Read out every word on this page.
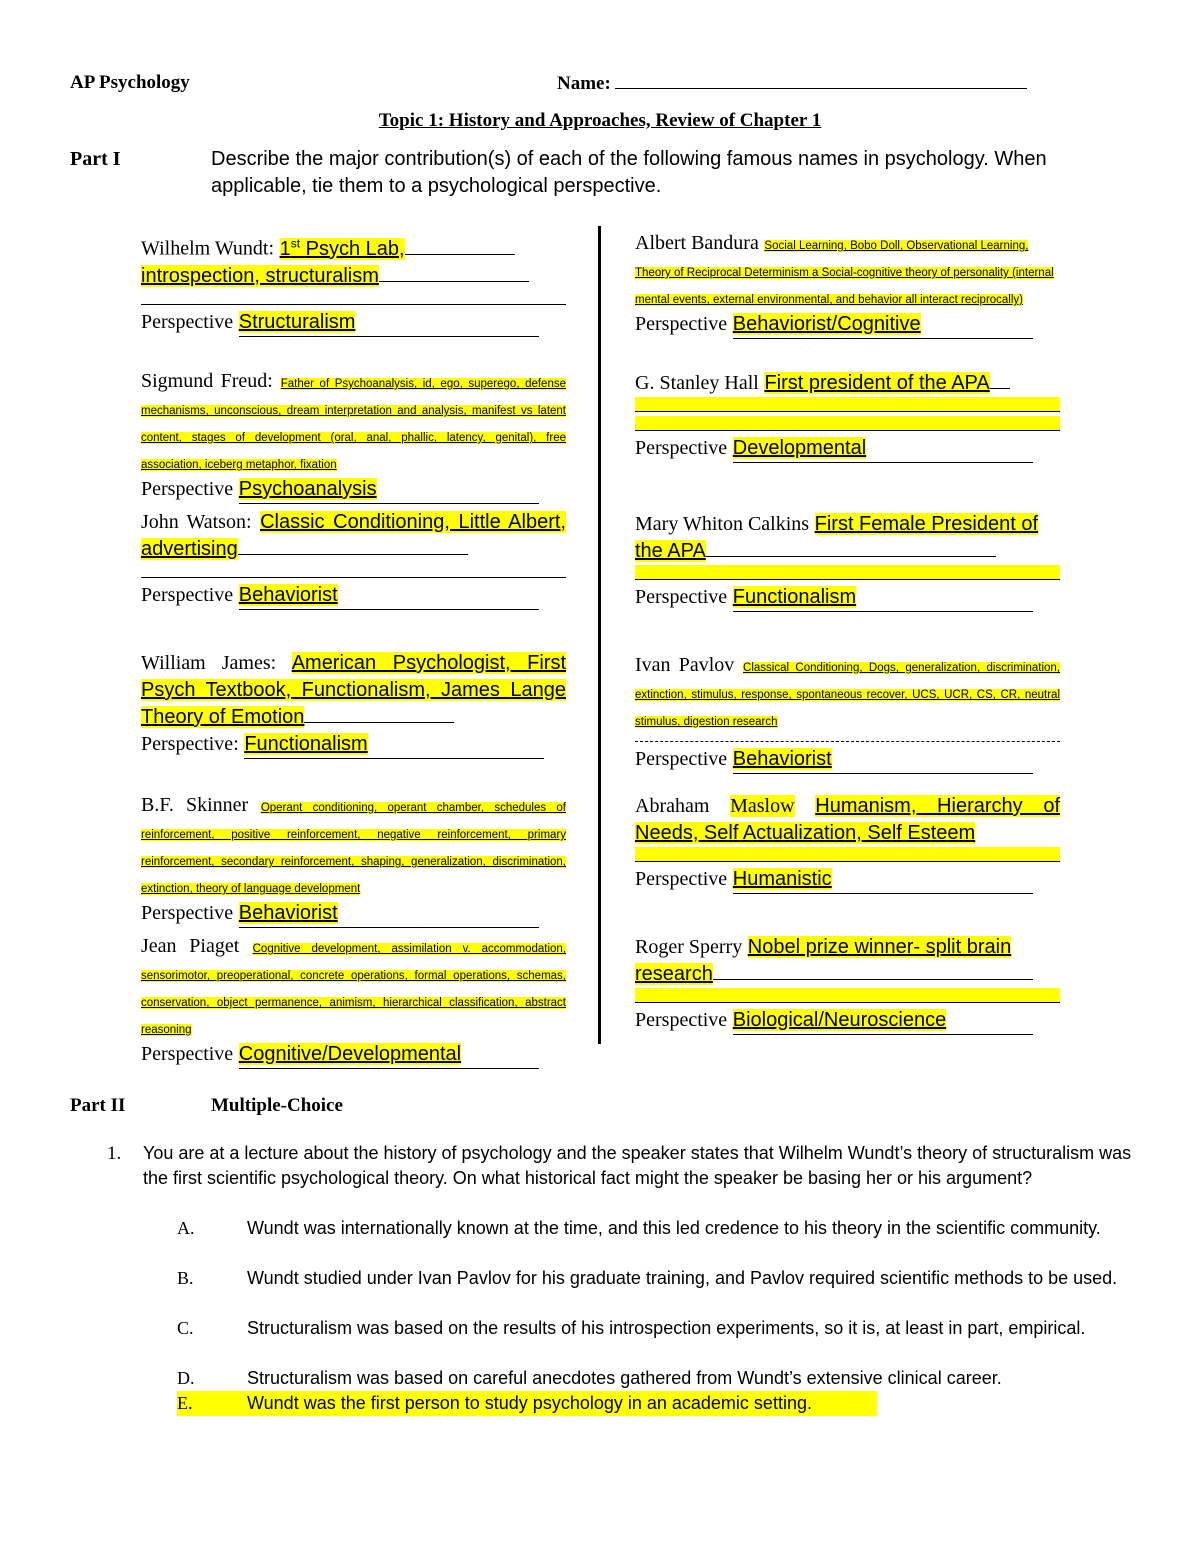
AP Psychology	Name:
Topic 1: History and Approaches, Review of Chapter 1
Part I	Describe the major contribution(s) of each of the following famous names in psychology. When applicable, tie them to a psychological perspective.
Wilhelm Wundt: 1st Psych Lab,
introspection, structuralism
Perspective Structuralism
Sigmund Freud: Father of Psychoanalysis, id, ego, superego, defense mechanisms, unconscious, dream interpretation and analysis, manifest vs latent content, stages of development (oral, anal, phallic, latency, genital), free association, iceberg metaphor, fixation
Perspective Psychoanalysis
John Watson: Classic Conditioning, Little Albert, advertising
Perspective Behaviorist
William James: American Psychologist, First Psych Textbook, Functionalism, James Lange Theory of Emotion
Perspective: Functionalism
B.F. Skinner Operant conditioning, operant chamber, schedules of reinforcement, positive reinforcement, negative reinforcement, primary reinforcement, secondary reinforcement, shaping, generalization, discrimination, extinction, theory of language development
Perspective Behaviorist
Jean Piaget Cognitive development, assimilation v. accommodation, sensorimotor, preoperational, concrete operations, formal operations, schemas, conservation, object permanence, animism, hierarchical classification, abstract reasoning
Perspective Cognitive/Developmental
Albert Bandura Social Learning, Bobo Doll, Observational Learning, Theory of Reciprocal Determinism a Social-cognitive theory of personality (internal mental events, external environmental, and behavior all interact reciprocally)
Perspective Behaviorist/Cognitive
G. Stanley Hall First president of the APA
Perspective Developmental
Mary Whiton Calkins First Female President of the APA
Perspective Functionalism
Ivan Pavlov Classical Conditioning, Dogs, generalization, discrimination, extinction, stimulus, response, spontaneous recover, UCS, UCR, CS, CR, neutral stimulus, digestion research
Perspective Behaviorist
Abraham Maslow Humanism, Hierarchy of Needs, Self Actualization, Self Esteem
Perspective Humanistic
Roger Sperry Nobel prize winner- split brain research
Perspective Biological/Neuroscience
Part II	Multiple-Choice
1. You are at a lecture about the history of psychology and the speaker states that Wilhelm Wundt’s theory of structuralism was the first scientific psychological theory. On what historical fact might the speaker be basing her or his argument?
A.	Wundt was internationally known at the time, and this led credence to his theory in the scientific community.
B.	Wundt studied under Ivan Pavlov for his graduate training, and Pavlov required scientific methods to be used.
C.	Structuralism was based on the results of his introspection experiments, so it is, at least in part, empirical.
D.	Structuralism was based on careful anecdotes gathered from Wundt’s extensive clinical career.
E.	Wundt was the first person to study psychology in an academic setting.
